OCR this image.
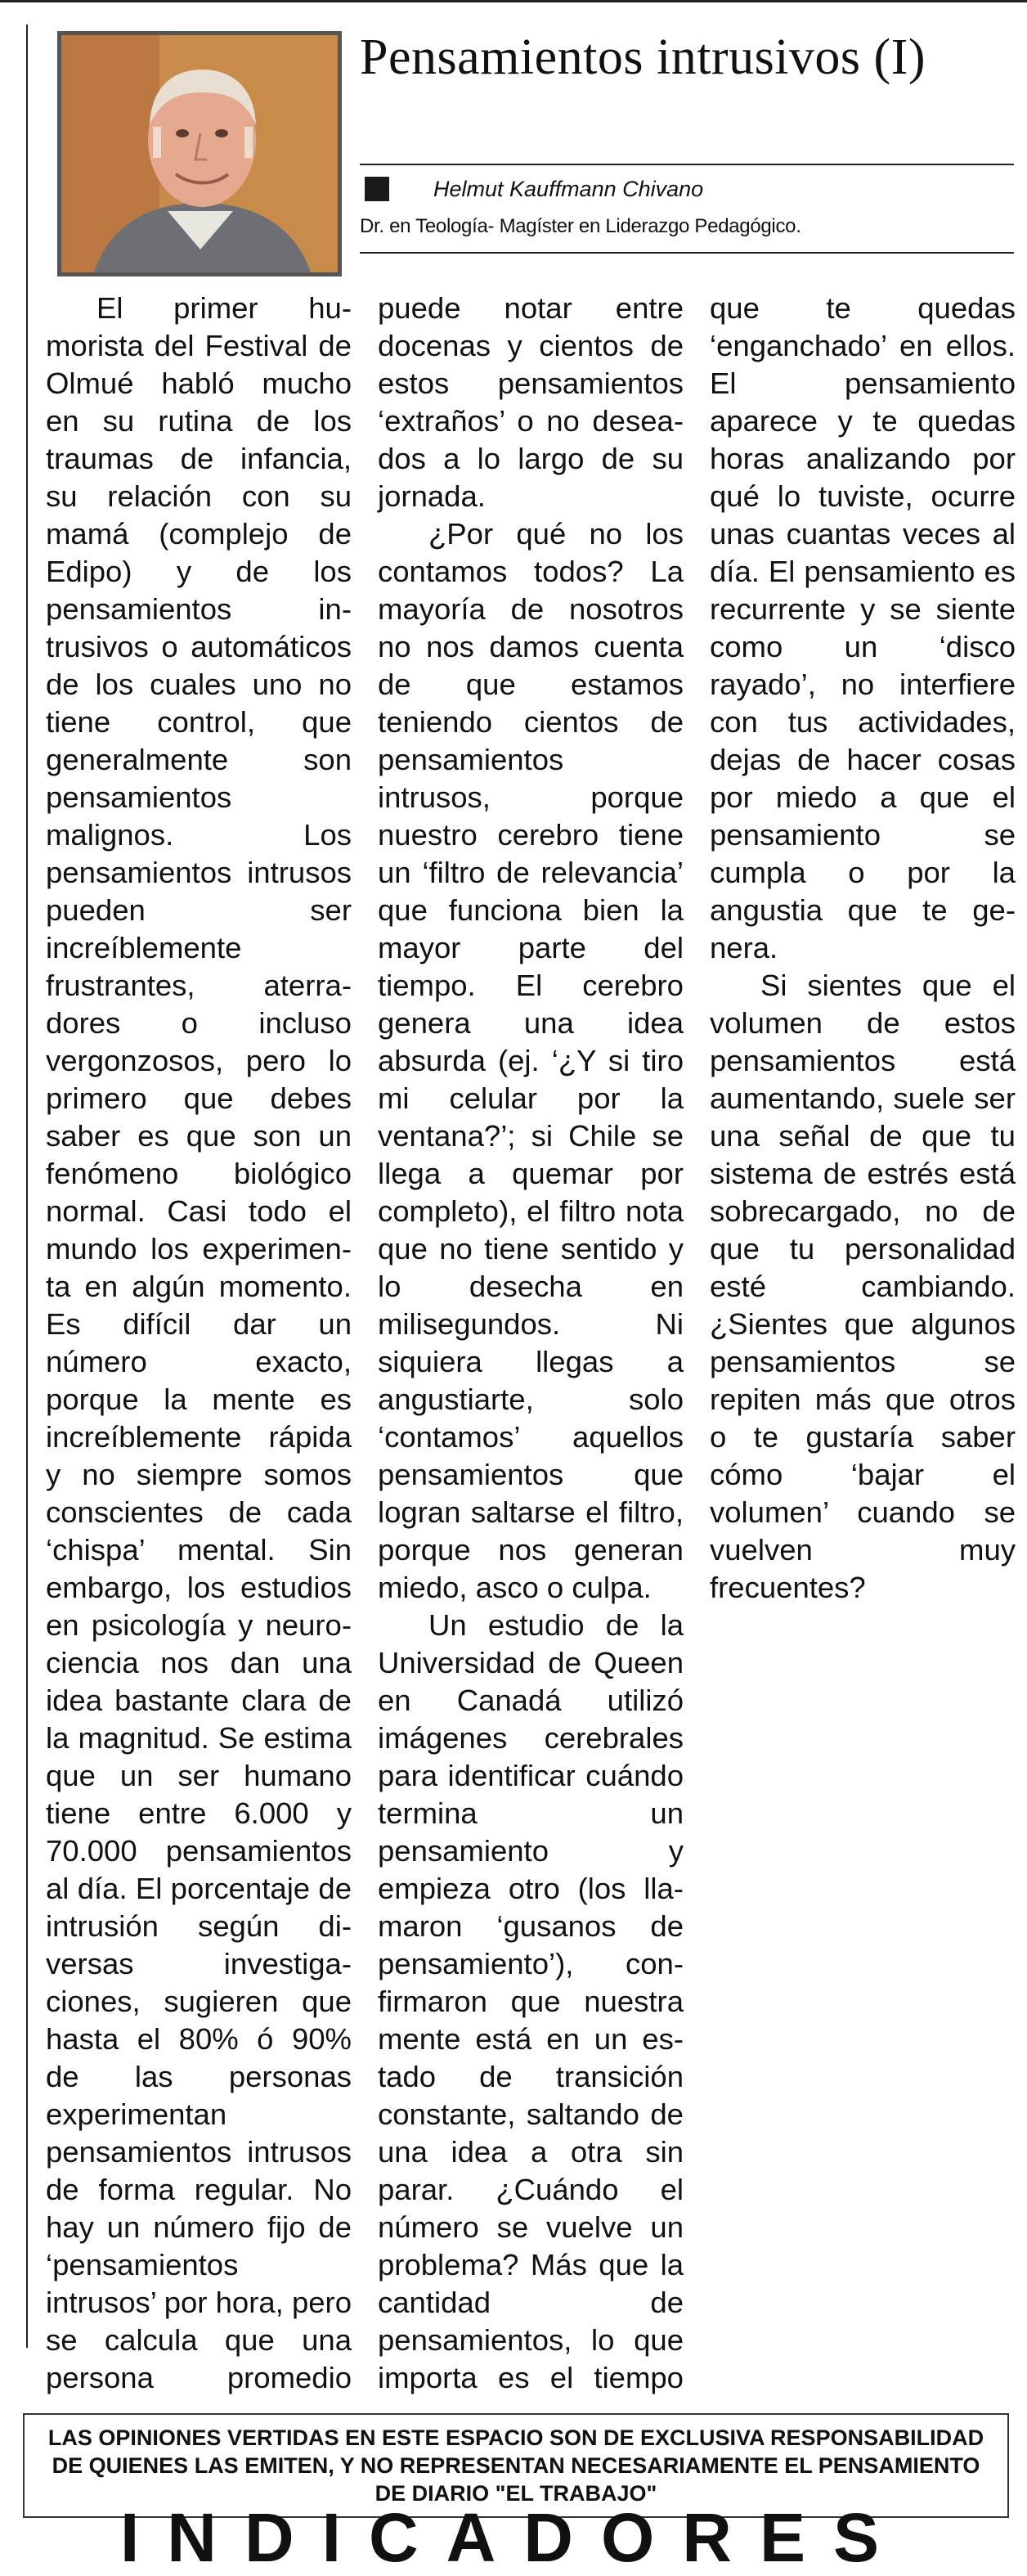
Pensamientos intrusivos (I)
Helmut Kauffmann Chivano
Dr. en Teología- Magíster en Liderazgo Pedagógico.

El primer humorista del Festival de Olmué habló mucho en su rutina de los traumas de infancia, su relación con su mamá (complejo de Edipo) y de los pensamientos intrusivos o automáticos de los cuales uno no tiene control, que generalmente son pensamientos malignos. Los pensamientos intrusos pueden ser increíblemente frustrantes, aterradores o incluso vergonzosos, pero lo primero que debes saber es que son un fenómeno biológico normal. Casi todo el mundo los experimenta en algún momento. Es difícil dar un número exacto, porque la mente es increíblemente rápida y no siempre somos conscientes de cada ‘chispa’ mental. Sin embargo, los estudios en psicología y neurociencia nos dan una idea bastante clara de la magnitud. Se estima que un ser humano tiene entre 6.000 y 70.000 pensamientos al día. El porcentaje de intrusión según diversas investigaciones, sugieren que hasta el 80% ó 90% de las personas experimentan pensamientos intrusos de forma regular. No hay un número fijo de ‘pensamientos intrusos’ por hora, pero se calcula que una persona promedio puede notar entre docenas y cientos de estos pensamientos ‘extraños’ o no deseados a lo largo de su jornada.

¿Por qué no los contamos todos? La mayoría de nosotros no nos damos cuenta de que estamos teniendo cientos de pensamientos intrusos, porque nuestro cerebro tiene un ‘filtro de relevancia’ que funciona bien la mayor parte del tiempo. El cerebro genera una idea absurda (ej. ‘¿Y si tiro mi celular por la ventana?’; si Chile se llega a quemar por completo), el filtro nota que no tiene sentido y lo desecha en milisegundos. Ni siquiera llegas a angustiarte, solo ‘contamos’ aquellos pensamientos que logran saltarse el filtro, porque nos generan miedo, asco o culpa.

Un estudio de la Universidad de Queen en Canadá utilizó imágenes cerebrales para identificar cuándo termina un pensamiento y empieza otro (los llamaron ‘gusanos de pensamiento’), confirmaron que nuestra mente está en un estado de transición constante, saltando de una idea a otra sin parar. ¿Cuándo el número se vuelve un problema? Más que la cantidad de pensamientos, lo que importa es el tiempo que te quedas ‘enganchado’ en ellos. El pensamiento aparece y te quedas horas analizando por qué lo tuviste, ocurre unas cuantas veces al día. El pensamiento es recurrente y se siente como un ‘disco rayado’, no interfiere con tus actividades, dejas de hacer cosas por miedo a que el pensamiento se cumpla o por la angustia que te genera.

Si sientes que el volumen de estos pensamientos está aumentando, suele ser una señal de que tu sistema de estrés está sobrecargado, no de que tu personalidad esté cambiando. ¿Sientes que algunos pensamientos se repiten más que otros o te gustaría saber cómo ‘bajar el volumen’ cuando se vuelven muy frecuentes?

LAS OPINIONES VERTIDAS EN ESTE ESPACIO SON DE EXCLUSIVA RESPONSABILIDAD DE QUIENES LAS EMITEN, Y NO REPRESENTAN NECESARIAMENTE EL PENSAMIENTO DE DIARIO "EL TRABAJO"
INDICADORES
